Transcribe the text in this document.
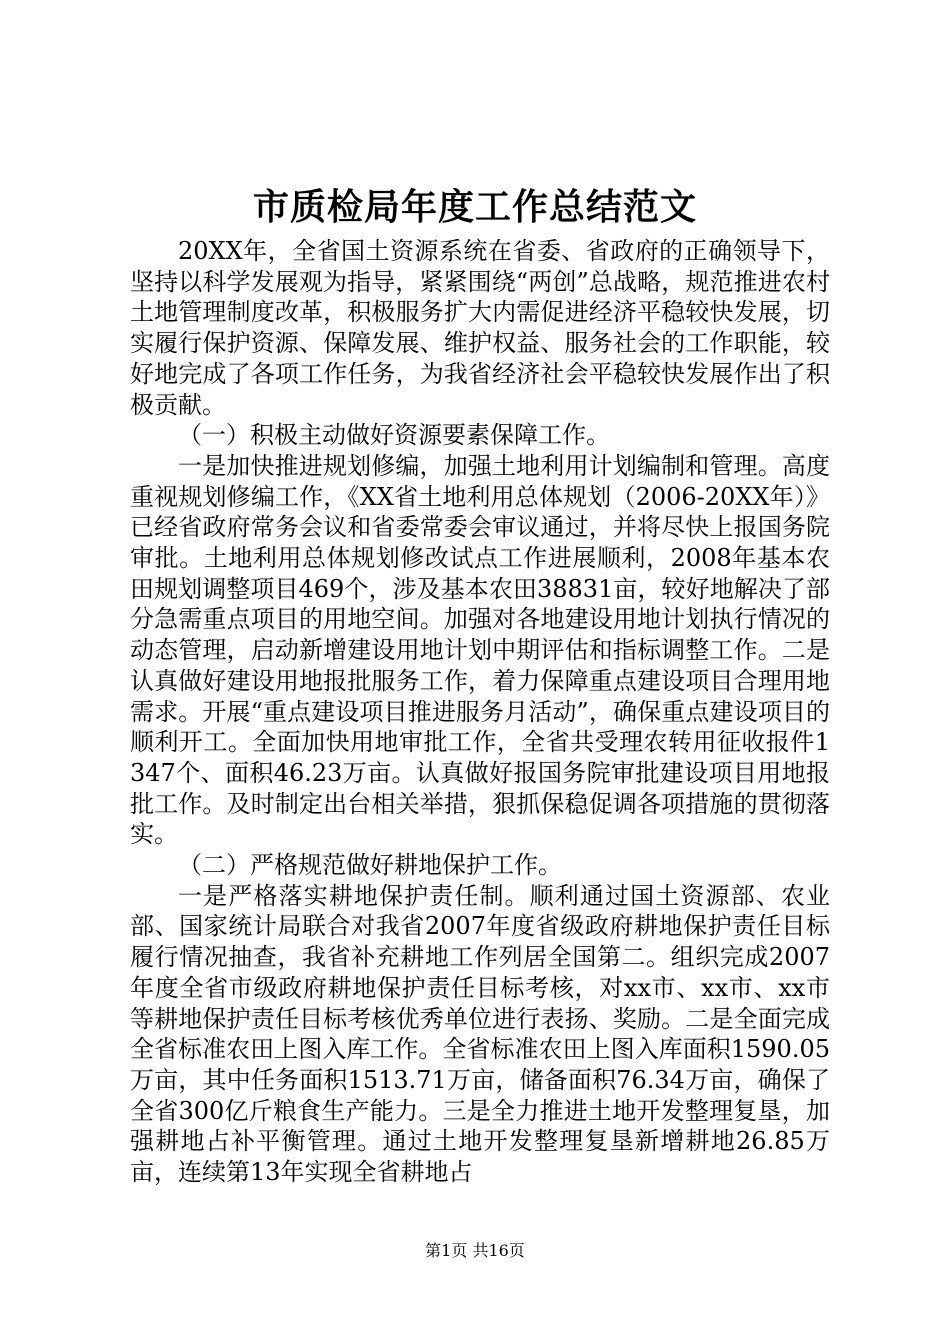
市质检局年度工作总结范文

20XX年，全省国土资源系统在省委、省政府的正确领导下，坚持以科学发展观为指导，紧紧围绕“两创”总战略，规范推进农村土地管理制度改革，积极服务扩大内需促进经济平稳较快发展，切实履行保护资源、保障发展、维护权益、服务社会的工作职能，较好地完成了各项工作任务，为我省经济社会平稳较快发展作出了积极贡献。

（一）积极主动做好资源要素保障工作。

一是加快推进规划修编，加强土地利用计划编制和管理。高度重视规划修编工作，《XX省土地利用总体规划（2006-20XX年）》已经省政府常务会议和省委常委会审议通过，并将尽快上报国务院审批。土地利用总体规划修改试点工作进展顺利，2008年基本农田规划调整项目469个，涉及基本农田38831亩，较好地解决了部分急需重点项目的用地空间。加强对各地建设用地计划执行情况的动态管理，启动新增建设用地计划中期评估和指标调整工作。二是认真做好建设用地报批服务工作，着力保障重点建设项目合理用地需求。开展“重点建设项目推进服务月活动”，确保重点建设项目的顺利开工。全面加快用地审批工作，全省共受理农转用征收报件1347个、面积46.23万亩。认真做好报国务院审批建设项目用地报批工作。及时制定出台相关举措，狠抓保稳促调各项措施的贯彻落实。

（二）严格规范做好耕地保护工作。

一是严格落实耕地保护责任制。顺利通过国土资源部、农业部、国家统计局联合对我省2007年度省级政府耕地保护责任目标履行情况抽查，我省补充耕地工作列居全国第二。组织完成2007年度全省市级政府耕地保护责任目标考核，对xx市、xx市、xx市等耕地保护责任目标考核优秀单位进行表扬、奖励。二是全面完成全省标准农田上图入库工作。全省标准农田上图入库面积1590.05万亩，其中任务面积1513.71万亩，储备面积76.34万亩，确保了全省300亿斤粮食生产能力。三是全力推进土地开发整理复垦，加强耕地占补平衡管理。通过土地开发整理复垦新增耕地26.85万亩，连续第13年实现全省耕地占

第1页 共16页
